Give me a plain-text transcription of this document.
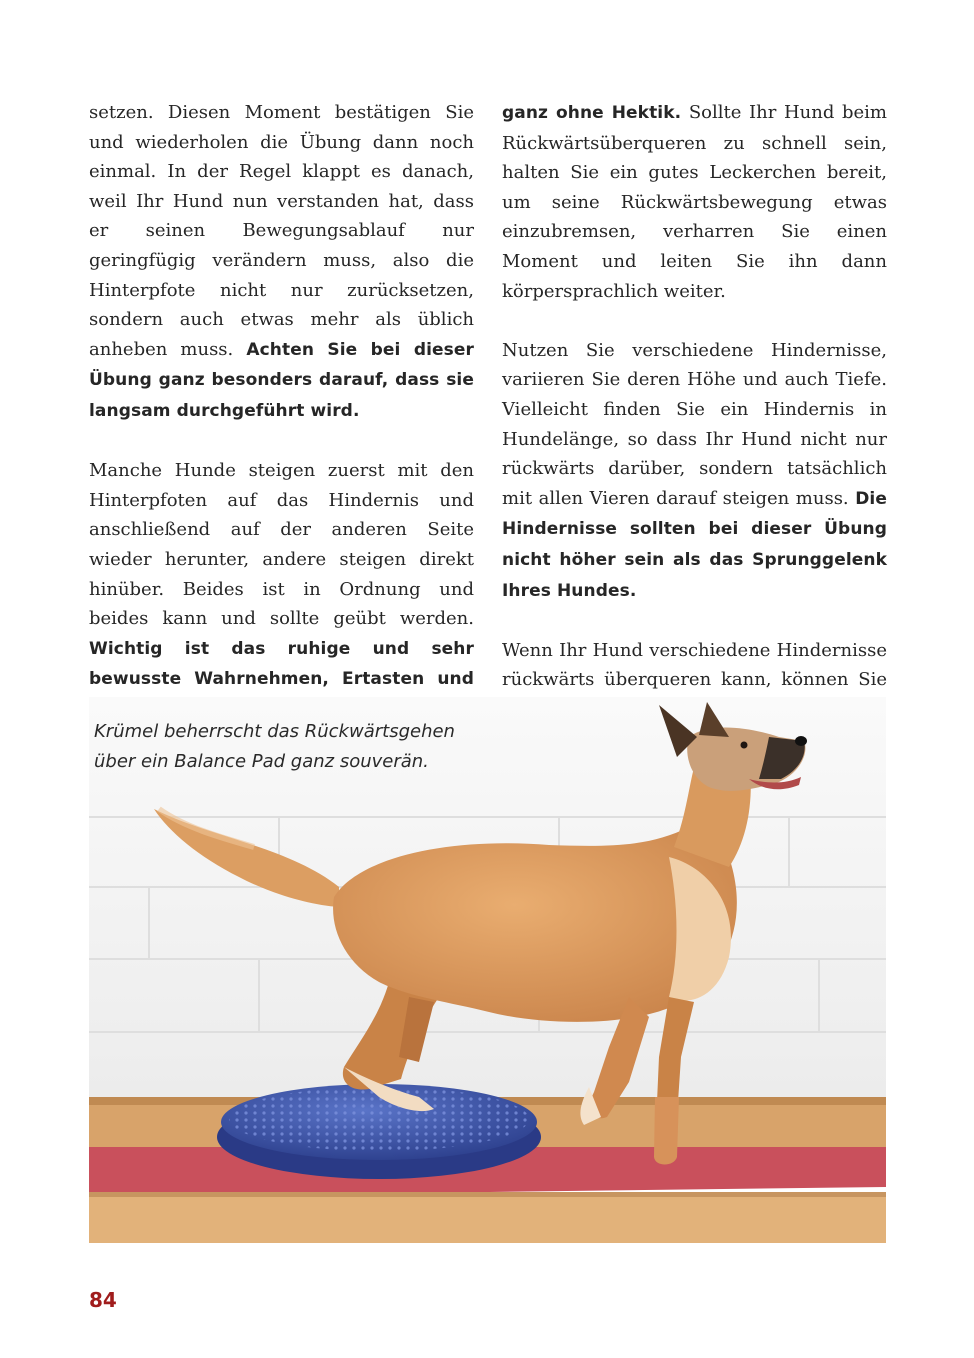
setzen. Diesen Moment bestätigen Sie und wiederholen die Übung dann noch einmal. In der Regel klappt es danach, weil Ihr Hund nun verstanden hat, dass er seinen Bewegungsablauf nur geringfügig verändern muss, also die Hinterpfote nicht nur zurücksetzen, sondern auch etwas mehr als üblich anheben muss. Achten Sie bei dieser Übung ganz besonders darauf, dass sie langsam durchgeführt wird.

Manche Hunde steigen zuerst mit den Hinterpfoten auf das Hindernis und anschließend auf der anderen Seite wieder herunter, andere steigen direkt hinüber. Beides ist in Ordnung und beides kann und sollte geübt werden. Wichtig ist das ruhige und sehr bewusste Wahrnehmen, Ertasten und

ganz ohne Hektik. Sollte Ihr Hund beim Rückwärtsüberqueren zu schnell sein, halten Sie ein gutes Leckerchen bereit, um seine Rückwärtsbewegung etwas einzubremsen, verharren Sie einen Moment und leiten Sie ihn dann körpersprachlich weiter.

Nutzen Sie verschiedene Hindernisse, variieren Sie deren Höhe und auch Tiefe. Vielleicht finden Sie ein Hindernis in Hundelänge, so dass Ihr Hund nicht nur rückwärts darüber, sondern tatsächlich mit allen Vieren darauf steigen muss. Die Hindernisse sollten bei dieser Übung nicht höher sein als das Sprunggelenk Ihres Hundes.

Wenn Ihr Hund verschiedene Hindernisse rückwärts überqueren kann, können Sie

Krümel beherrscht das Rückwärtsgehen
über ein Balance Pad ganz souverän.
84
